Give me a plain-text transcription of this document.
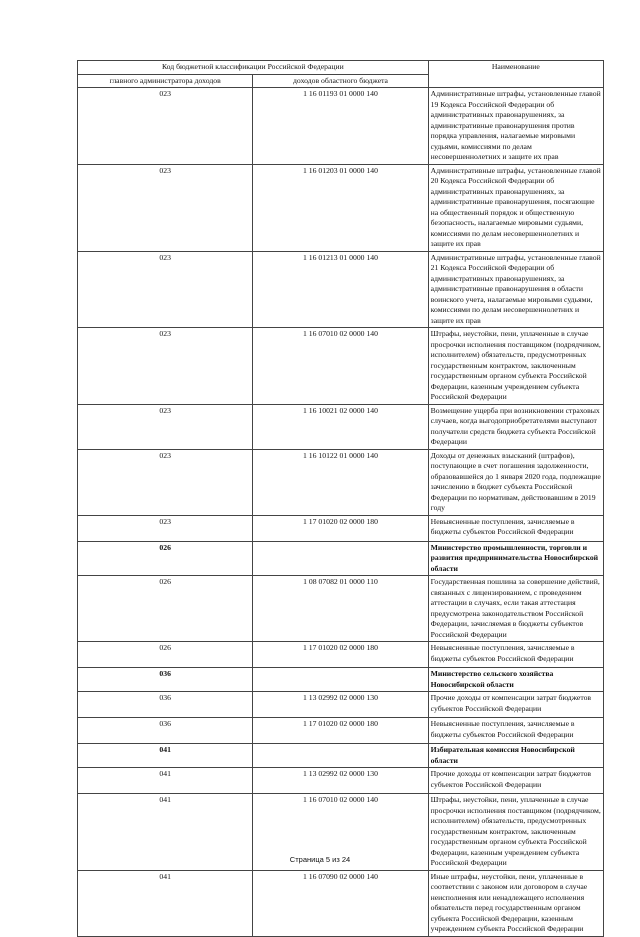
Код бюджетной классификации Российской Федерации		Наименование
главного администратора доходов	доходов областного бюджета	
023	1 16 01193 01 0000 140	Административные штрафы, установленные главой 19 Кодекса Российской Федерации об административных правонарушениях, за административные правонарушения против порядка управления, налагаемые мировыми судьями, комиссиями по делам несовершеннолетних и защите их прав
023	1 16 01203 01 0000 140	Административные штрафы, установленные главой 20 Кодекса Российской Федерации об административных правонарушениях, за административные правонарушения, посягающие на общественный порядок и общественную безопасность, налагаемые мировыми судьями, комиссиями по делам несовершеннолетних и защите их прав
023	1 16 01213 01 0000 140	Административные штрафы, установленные главой 21 Кодекса Российской Федерации об административных правонарушениях, за административные правонарушения в области воинского учета, налагаемые мировыми судьями, комиссиями по делам несовершеннолетних и защите их прав
023	1 16 07010 02 0000 140	Штрафы, неустойки, пени, уплаченные в случае просрочки исполнения поставщиком (подрядчиком, исполнителем) обязательств, предусмотренных государственным контрактом, заключенным государственным органом субъекта Российской Федерации, казенным учреждением субъекта Российской Федерации
023	1 16 10021 02 0000 140	Возмещение ущерба при возникновении страховых случаев, когда выгодоприобретателями выступают получатели средств бюджета субъекта Российской Федерации
023	1 16 10122 01 0000 140	Доходы от денежных взысканий (штрафов), поступающие в счет погашения задолженности, образовавшейся до 1 января 2020 года, подлежащие зачислению в бюджет субъекта Российской Федерации по нормативам, действовавшим в 2019 году
023	1 17 01020 02 0000 180	Невыясненные поступления, зачисляемые в бюджеты субъектов Российской Федерации
026		Министерство промышленности, торговли и развития предпринимательства Новосибирской области
026	1 08 07082 01 0000 110	Государственная пошлина за совершение действий, связанных с лицензированием, с проведением аттестации в случаях, если такая аттестация предусмотрена законодательством Российской Федерации, зачисляемая в бюджеты субъектов Российской Федерации
026	1 17 01020 02 0000 180	Невыясненные поступления, зачисляемые в бюджеты субъектов Российской Федерации
036		Министерство сельского хозяйства Новосибирской области
036	1 13 02992 02 0000 130	Прочие доходы от компенсации затрат бюджетов субъектов Российской Федерации
036	1 17 01020 02 0000 180	Невыясненные поступления, зачисляемые в бюджеты субъектов Российской Федерации
041		Избирательная комиссия Новосибирской области
041	1 13 02992 02 0000 130	Прочие доходы от компенсации затрат бюджетов субъектов Российской Федерации
041	1 16 07010 02 0000 140	Штрафы, неустойки, пени, уплаченные в случае просрочки исполнения поставщиком (подрядчиком, исполнителем) обязательств, предусмотренных государственным контрактом, заключенным государственным органом субъекта Российской Федерации, казенным учреждением субъекта Российской Федерации
041	1 16 07090 02 0000 140	Иные штрафы, неустойки, пени, уплаченные в соответствии с законом или договором в случае неисполнения или ненадлежащего исполнения обязательств перед государственным органом субъекта Российской Федерации, казенным учреждением субъекта Российской Федерации
Страница 5 из 24
